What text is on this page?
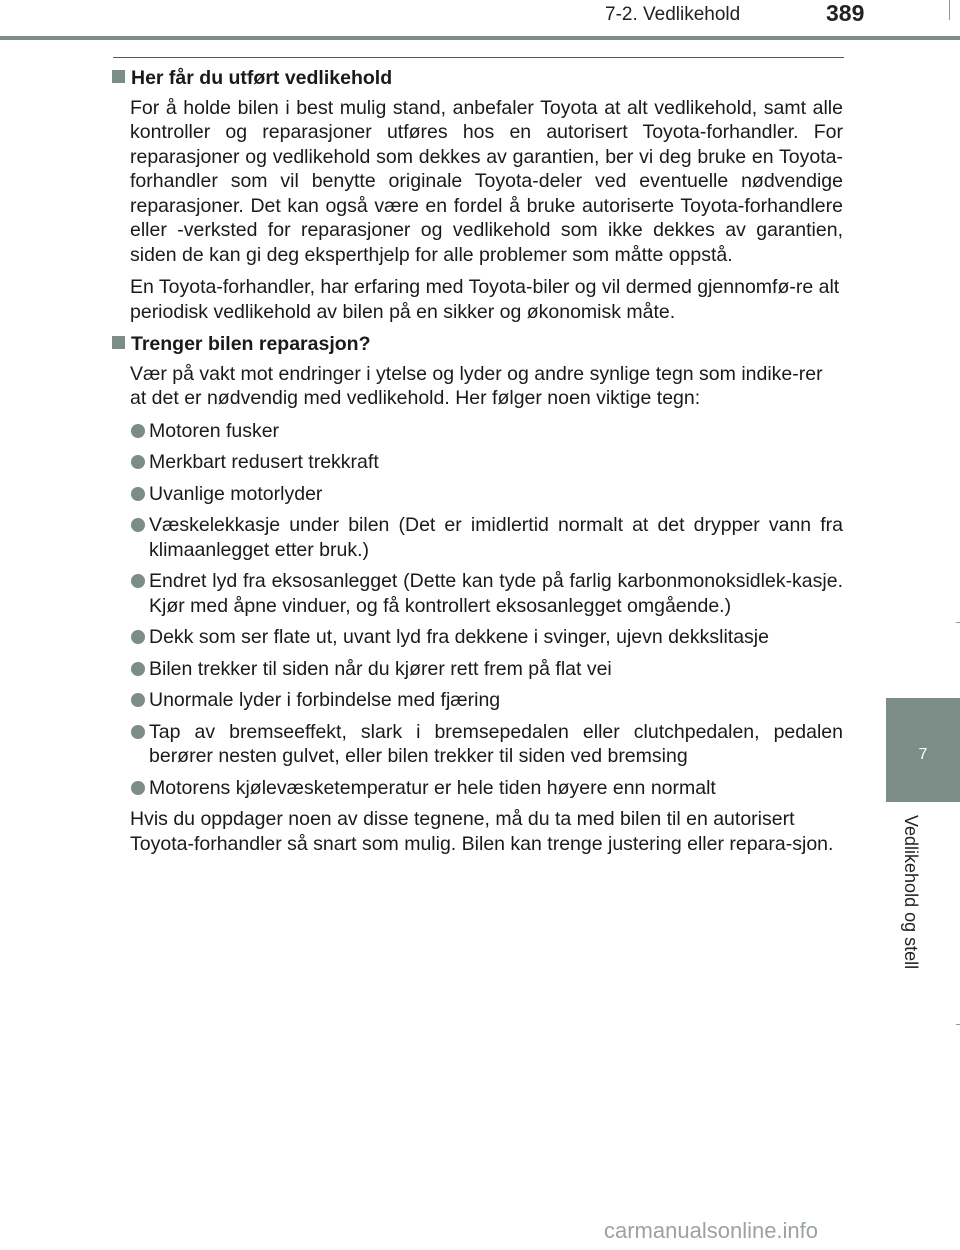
7-2. Vedlikehold	389
7
Vedlikehold og stell
Her får du utført vedlikehold

For å holde bilen i best mulig stand, anbefaler Toyota at alt vedlikehold, samt alle kontroller og reparasjoner utføres hos en autorisert Toyota-forhandler. For reparasjoner og vedlikehold som dekkes av garantien, ber vi deg bruke en Toyota-forhandler som vil benytte originale Toyota-deler ved eventuelle nødvendige reparasjoner. Det kan også være en fordel å bruke autoriserte Toyota-forhandlere eller -verksted for reparasjoner og vedlikehold som ikke dekkes av garantien, siden de kan gi deg eksperthjelp for alle problemer som måtte oppstå.

En Toyota-forhandler, har erfaring med Toyota-biler og vil dermed gjennomfø-re alt periodisk vedlikehold av bilen på en sikker og økonomisk måte.

Trenger bilen reparasjon?

Vær på vakt mot endringer i ytelse og lyder og andre synlige tegn som indike-rer at det er nødvendig med vedlikehold. Her følger noen viktige tegn:

Motoren fusker
Merkbart redusert trekkraft
Uvanlige motorlyder
Væskelekkasje under bilen (Det er imidlertid normalt at det drypper vann fra klimaanlegget etter bruk.)
Endret lyd fra eksosanlegget (Dette kan tyde på farlig karbonmonoksidlek-kasje. Kjør med åpne vinduer, og få kontrollert eksosanlegget omgående.)
Dekk som ser flate ut, uvant lyd fra dekkene i svinger, ujevn dekkslitasje
Bilen trekker til siden når du kjører rett frem på flat vei
Unormale lyder i forbindelse med fjæring
Tap av bremseeffekt, slark i bremsepedalen eller clutchpedalen, pedalen berører nesten gulvet, eller bilen trekker til siden ved bremsing
Motorens kjølevæsketemperatur er hele tiden høyere enn normalt

Hvis du oppdager noen av disse tegnene, må du ta med bilen til en autorisert Toyota-forhandler så snart som mulig. Bilen kan trenge justering eller repara-sjon.

carmanualsonline.info
